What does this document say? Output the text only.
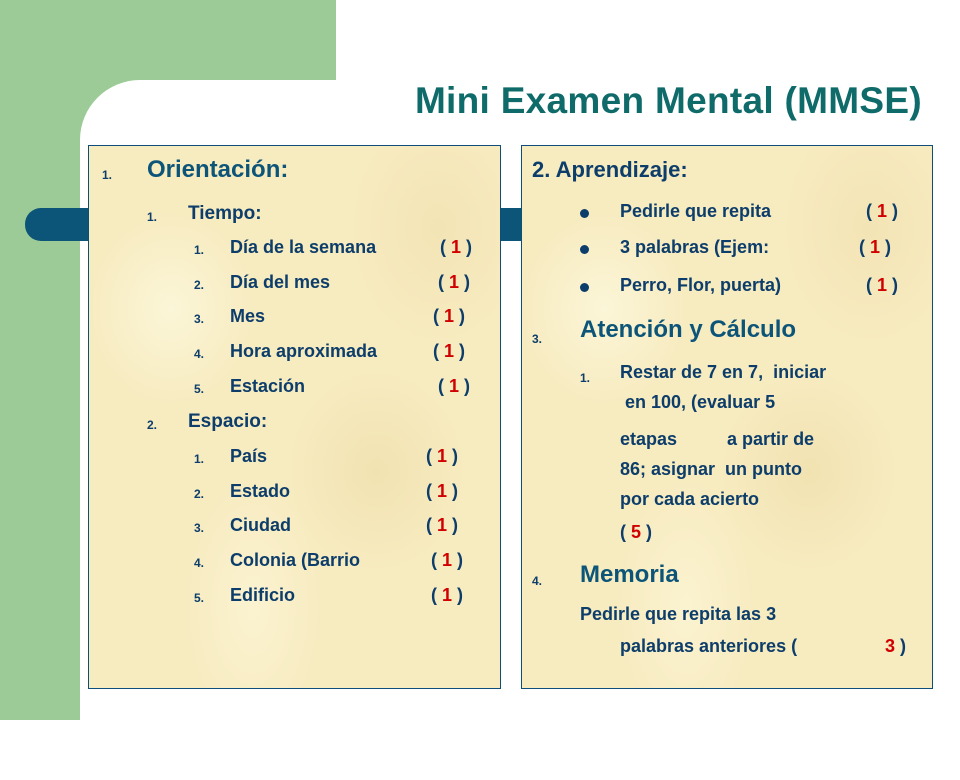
Mini Examen Mental (MMSE)
1. Orientación:
1. Tiempo:
1. Día de la semana	( 1 )
2. Día del mes	( 1 )
3. Mes	( 1 )
4. Hora aproximada	( 1 )
5. Estación	( 1 )
2. Espacio:
1. País	( 1 )
2. Estado	( 1 )
3. Ciudad	( 1 )
4. Colonia (Barrio	( 1 )
5. Edificio	( 1 )
2. Aprendizaje:
Pedirle que repita	( 1 )
3 palabras (Ejem:	( 1 )
Perro, Flor, puerta)	( 1 )
3. Atención y Cálculo
1. Restar de 7 en 7,  iniciar
en 100, (evaluar 5
etapas          a partir de
86; asignar  un punto
por cada acierto
( 5 )
4. Memoria
Pedirle que repita las 3
palabras anteriores (	3 )
